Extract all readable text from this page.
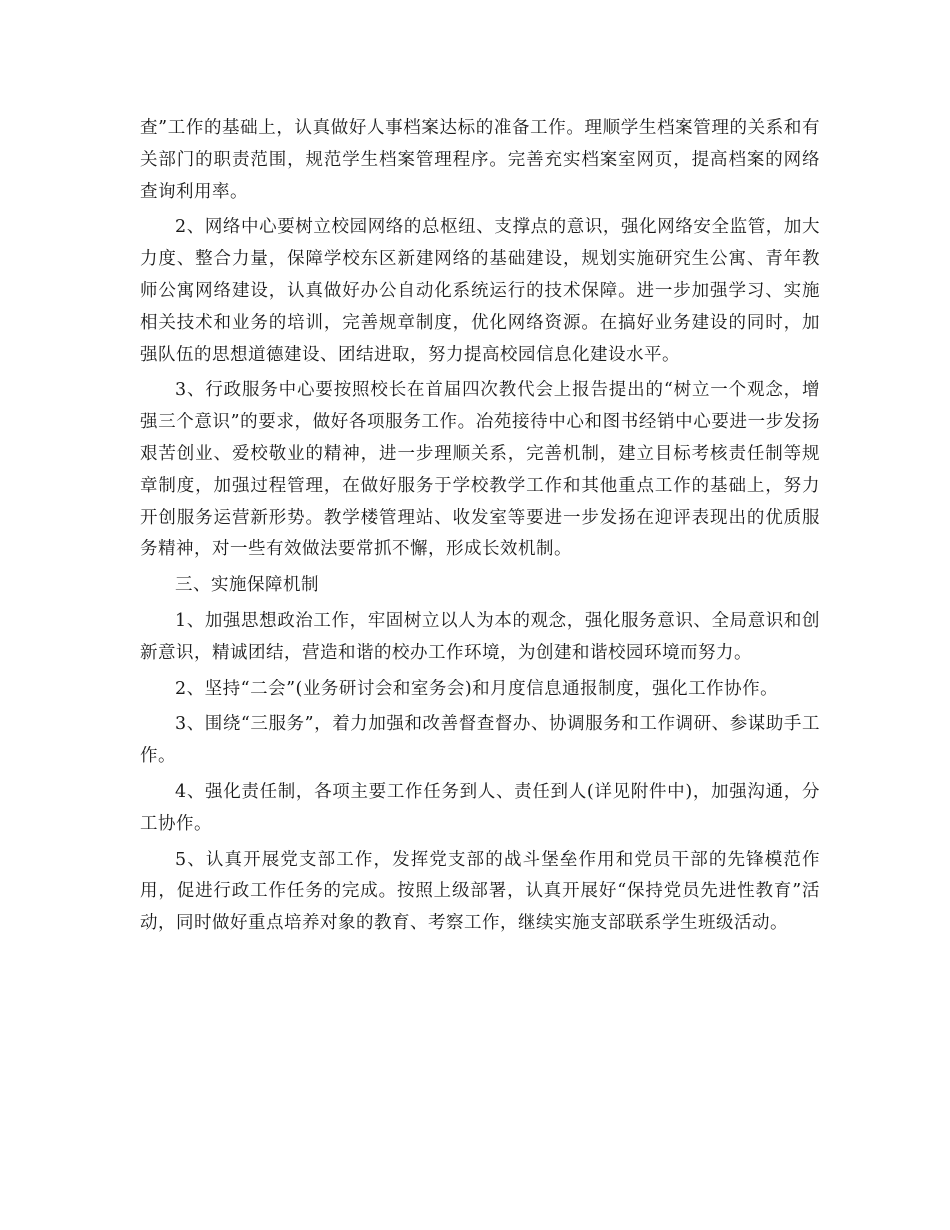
查”工作的基础上，认真做好人事档案达标的准备工作。理顺学生档案管理的关系和有关部门的职责范围，规范学生档案管理程序。完善充实档案室网页，提高档案的网络查询利用率。

2、网络中心要树立校园网络的总枢纽、支撑点的意识，强化网络安全监管，加大力度、整合力量，保障学校东区新建网络的基础建设，规划实施研究生公寓、青年教师公寓网络建设，认真做好办公自动化系统运行的技术保障。进一步加强学习、实施相关技术和业务的培训，完善规章制度，优化网络资源。在搞好业务建设的同时，加强队伍的思想道德建设、团结进取，努力提高校园信息化建设水平。

3、行政服务中心要按照校长在首届四次教代会上报告提出的“树立一个观念，增强三个意识”的要求，做好各项服务工作。冶苑接待中心和图书经销中心要进一步发扬艰苦创业、爱校敬业的精神，进一步理顺关系，完善机制，建立目标考核责任制等规章制度，加强过程管理，在做好服务于学校教学工作和其他重点工作的基础上，努力开创服务运营新形势。教学楼管理站、收发室等要进一步发扬在迎评表现出的优质服务精神，对一些有效做法要常抓不懈，形成长效机制。

三、实施保障机制

1、加强思想政治工作，牢固树立以人为本的观念，强化服务意识、全局意识和创新意识，精诚团结，营造和谐的校办工作环境，为创建和谐校园环境而努力。

2、坚持“二会”(业务研讨会和室务会)和月度信息通报制度，强化工作协作。

3、围绕“三服务”，着力加强和改善督查督办、协调服务和工作调研、参谋助手工作。

4、强化责任制，各项主要工作任务到人、责任到人(详见附件中)，加强沟通，分工协作。

5、认真开展党支部工作，发挥党支部的战斗堡垒作用和党员干部的先锋模范作用，促进行政工作任务的完成。按照上级部署，认真开展好“保持党员先进性教育”活动，同时做好重点培养对象的教育、考察工作，继续实施支部联系学生班级活动。
